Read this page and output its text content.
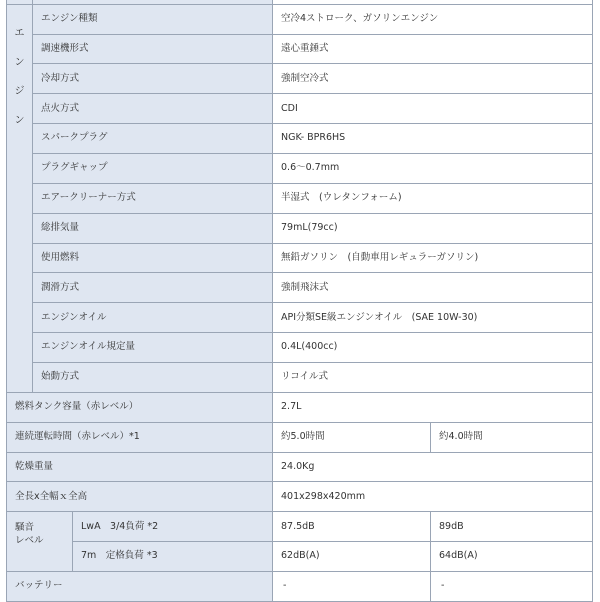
エンジン	エンジン種類		空冷4ストローク、ガソリンエンジン	
	調速機形式		遠心重錘式	
	冷却方式		強制空冷式	
	点火方式		CDI	
	スパークプラグ		NGK- BPR6HS	
	プラグギャップ		0.6～0.7mm	
	エアークリーナー方式		半湿式　(ウレタンフォーム)	
	総排気量		79mL(79cc)	
	使用燃料		無鉛ガソリン　(自動車用レギュラーガソリン)	
	潤滑方式		強制飛沫式	
	エンジンオイル		API分類SE級エンジンオイル　(SAE 10W-30)	
	エンジンオイル規定量		0.4L(400cc)	
	始動方式		リコイル式	
燃料タンク容量（赤レベル）			2.7L	
連続運転時間（赤レベル）*1			約5.0時間	約4.0時間
乾燥重量			24.0Kg	
全長x全幅ｘ全高			401x298x420mm	
騒音
レベル		LwA　3/4負荷 *2	87.5dB	89dB
		7m　定格負荷 *3	62dB(A)	64dB(A)
バッテリー			-	-
